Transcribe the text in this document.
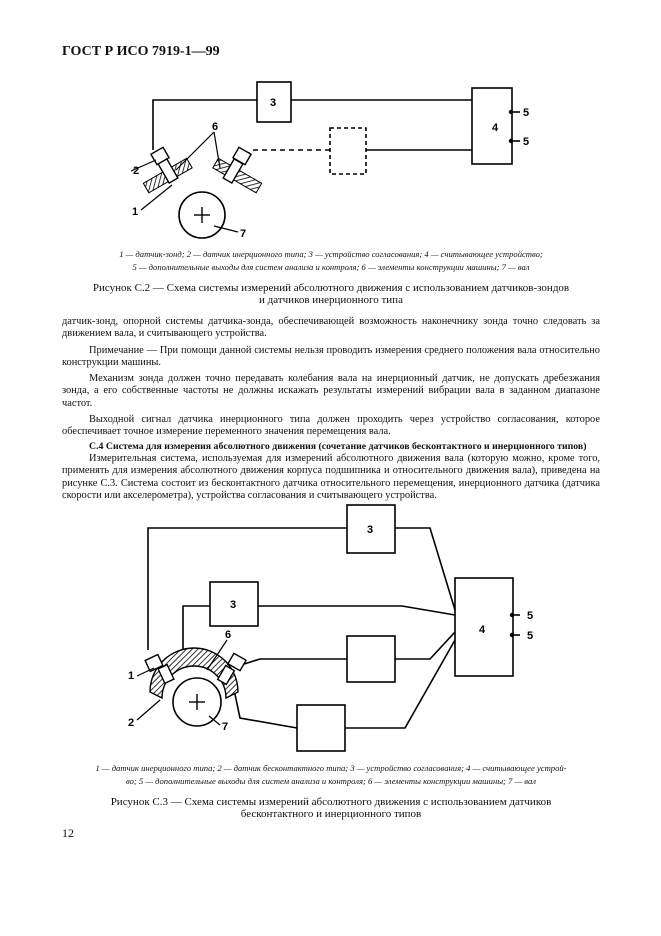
ГОСТ Р ИСО 7919-1—99
4
3
5
5
2
6
1
7
1 — датчик-зонд; 2 — датчик инерционного типа; 3 — устройство согласования; 4 — считывающее устройство;
5 — дополнительные выходы для систем анализа и контроля; 6 — элементы конструкции машины; 7 — вал
Рисунок С.2 — Схема системы измерений абсолютного движения с использованием датчиков-зондов
и датчиков инерционного типа

датчик-зонд, опорной системы датчика-зонда, обеспечивающей возможность наконечнику зонда точно следовать за движением вала, и считывающего устройства.

Примечание — При помощи данной системы нельзя проводить измерения среднего положения вала относительно конструкции машины.

Механизм зонда должен точно передавать колебания вала на инерционный датчик, не допускать дребезжания зонда, а его собственные частоты не должны искажать результаты измерений вибрации вала в заданном диапазоне частот.

Выходной сигнал датчика инерционного типа должен проходить через устройство согласования, которое обеспечивает точное измерение переменного значения перемещения вала.

С.4 Система для измерения абсолютного движения (сочетание датчиков бесконтактного и инерционного типов)

Измерительная система, используемая для измерений абсолютного движения вала (которую можно, кроме того, применять для измерения абсолютного движения корпуса подшипника и относительного движения вала), приведена на рисунке С.3. Система состоит из бесконтактного датчика относительного перемещения, инерционного датчика (датчика скорости или акселерометра), устройства согласования и считывающего устройства.

3
3
4
5
5
1
6
2	7
1 — датчик инерционного типа; 2 — датчик бесконтактного типа; 3 — устройство согласования; 4 — считывающее устрой-
во; 5 — дополнительные выходы для систем анализа и контроля; 6 — элементы конструкции машины; 7 — вал
Рисунок С.3 — Схема системы измерений абсолютного движения с использованием датчиков
бесконтактного и инерционного типов
12
